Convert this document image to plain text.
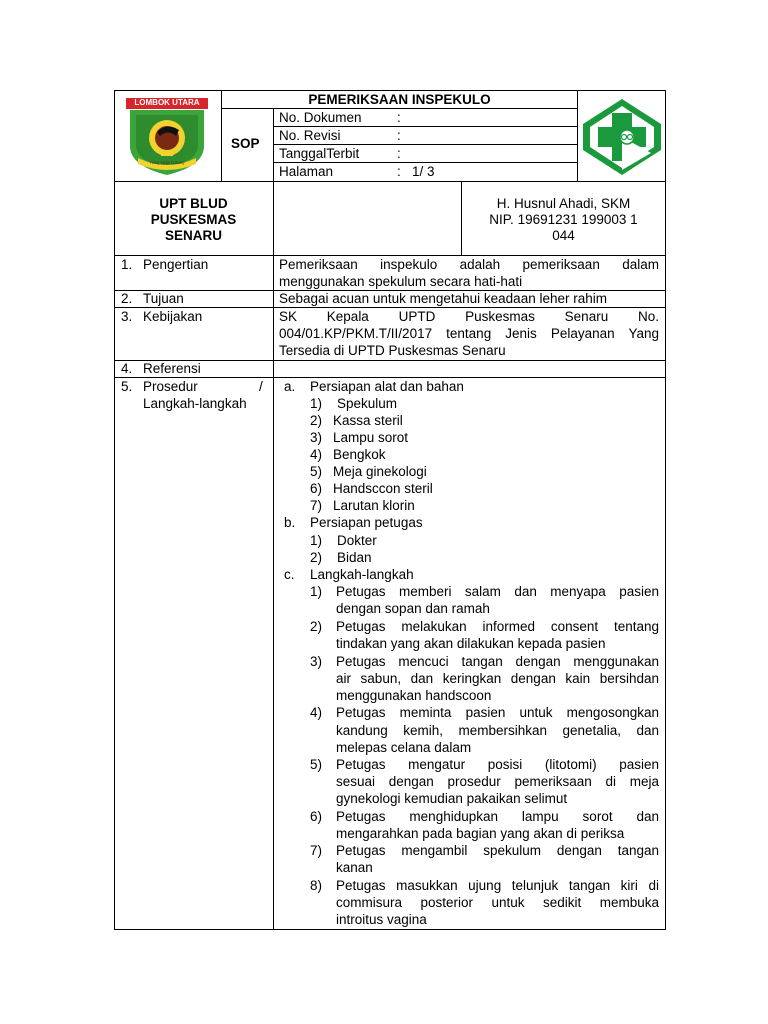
LOMBOK UTARA
TIOQ TATA TUNAQ
SOP
PEMERIKSAAN INSPEKULO
No. Dokumen	:
No. Revisi	:
TanggalTerbit	:
Halaman	: 1/ 3
UPT BLUD
PUSKESMAS
SENARU
H. Husnul Ahadi, SKM
NIP. 19691231 199003 1
044
1. Pengertian	Pemeriksaan inspekulo adalah pemeriksaan dalam
menggunakan spekulum secara hati-hati
2. Tujuan	Sebagai acuan untuk mengetahui keadaan leher rahim
3. Kebijakan	SK Kepala UPTD Puskesmas Senaru No.
004/01.KP/PKM.T/II/2017 tentang Jenis Pelayanan Yang
Tersedia di UPTD Puskesmas Senaru
4. Referensi
5. Prosedur	/
Langkah-langkah
a. Persiapan alat dan bahan
1) Spekulum
2) Kassa steril
3) Lampu sorot
4) Bengkok
5) Meja ginekologi
6) Handsccon steril
7) Larutan klorin
b. Persiapan petugas
1) Dokter
2) Bidan
c. Langkah-langkah
1) Petugas memberi salam dan menyapa pasien
dengan sopan dan ramah
2) Petugas melakukan informed consent tentang
tindakan yang akan dilakukan kepada pasien
3) Petugas mencuci tangan dengan menggunakan
air sabun, dan keringkan dengan kain bersihdan
menggunakan handscoon
4) Petugas meminta pasien untuk mengosongkan
kandung kemih, membersihkan genetalia, dan
melepas celana dalam
5) Petugas mengatur posisi (litotomi) pasien
sesuai dengan prosedur pemeriksaan di meja
gynekologi kemudian pakaikan selimut
6) Petugas menghidupkan lampu sorot dan
mengarahkan pada bagian yang akan di periksa
7) Petugas mengambil spekulum dengan tangan
kanan
8) Petugas masukkan ujung telunjuk tangan kiri di
commisura posterior untuk sedikit membuka
introitus vagina
